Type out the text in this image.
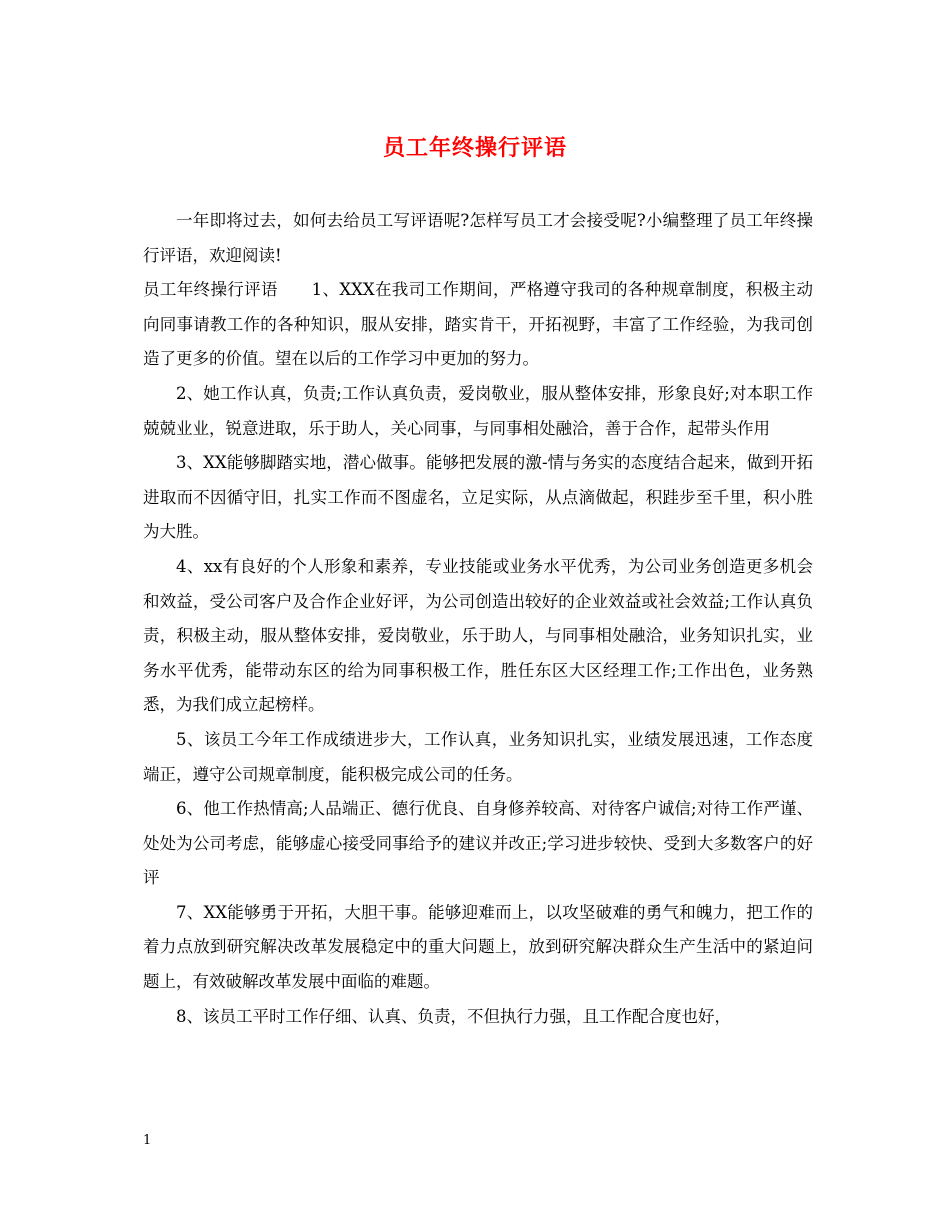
员工年终操行评语

一年即将过去，如何去给员工写评语呢?怎样写员工才会接受呢?小编整理了员工年终操行评语，欢迎阅读!

员工年终操行评语　　1、XXX在我司工作期间，严格遵守我司的各种规章制度，积极主动向同事请教工作的各种知识，服从安排，踏实肯干，开拓视野，丰富了工作经验，为我司创造了更多的价值。望在以后的工作学习中更加的努力。

2、她工作认真，负责;工作认真负责，爱岗敬业，服从整体安排，形象良好;对本职工作兢兢业业，锐意进取，乐于助人，关心同事，与同事相处融洽，善于合作，起带头作用

3、XX能够脚踏实地，潜心做事。能够把发展的激-情与务实的态度结合起来，做到开拓进取而不因循守旧，扎实工作而不图虚名，立足实际，从点滴做起，积跬步至千里，积小胜为大胜。

4、xx有良好的个人形象和素养，专业技能或业务水平优秀，为公司业务创造更多机会和效益，受公司客户及合作企业好评，为公司创造出较好的企业效益或社会效益;工作认真负责，积极主动，服从整体安排，爱岗敬业，乐于助人，与同事相处融洽，业务知识扎实，业务水平优秀，能带动东区的给为同事积极工作，胜任东区大区经理工作;工作出色，业务熟悉，为我们成立起榜样。

5、该员工今年工作成绩进步大，工作认真，业务知识扎实，业绩发展迅速，工作态度端正，遵守公司规章制度，能积极完成公司的任务。

6、他工作热情高;人品端正、德行优良、自身修养较高、对待客户诚信;对待工作严谨、处处为公司考虑，能够虚心接受同事给予的建议并改正;学习进步较快、受到大多数客户的好评

7、XX能够勇于开拓，大胆干事。能够迎难而上，以攻坚破难的勇气和魄力，把工作的着力点放到研究解决改革发展稳定中的重大问题上，放到研究解决群众生产生活中的紧迫问题上，有效破解改革发展中面临的难题。

8、该员工平时工作仔细、认真、负责，不但执行力强，且工作配合度也好，

1
